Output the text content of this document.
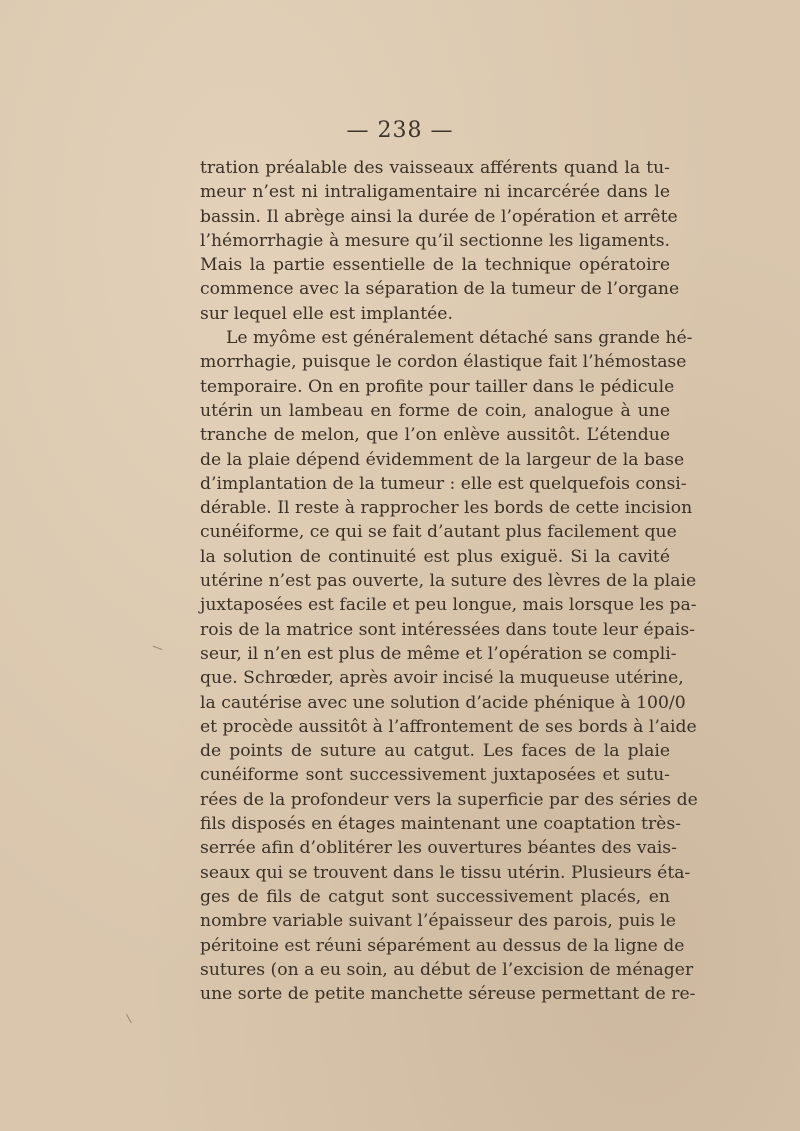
— 238 —
tration préalable des vaisseaux afférents quand la tu-
meur n’est ni intraligamentaire ni incarcérée dans le
bassin. Il abrège ainsi la durée de l’opération et arrête
l’hémorrhagie à mesure qu’il sectionne les ligaments.
Mais la partie essentielle de la technique opératoire
commence avec la séparation de la tumeur de l’organe
sur lequel elle est implantée.
Le myôme est généralement détaché sans grande hé-
morrhagie, puisque le cordon élastique fait l’hémostase
temporaire. On en profite pour tailler dans le pédicule
utérin un lambeau en forme de coin, analogue à une
tranche de melon, que l’on enlève aussitôt. L’étendue
de la plaie dépend évidemment de la largeur de la base
d’implantation de la tumeur : elle est quelquefois consi-
dérable. Il reste à rapprocher les bords de cette incision
cunéiforme, ce qui se fait d’autant plus facilement que
la solution de continuité est plus exiguë. Si la cavité
utérine n’est pas ouverte, la suture des lèvres de la plaie
juxtaposées est facile et peu longue, mais lorsque les pa-
rois de la matrice sont intéressées dans toute leur épais-
seur, il n’en est plus de même et l’opération se compli-
que. Schrœder, après avoir incisé la muqueuse utérine,
la cautérise avec une solution d’acide phénique à 100/0
et procède aussitôt à l’affrontement de ses bords à l’aide
de points de suture au catgut. Les faces de la plaie
cunéiforme sont successivement juxtaposées et sutu-
rées de la profondeur vers la superficie par des séries de
fils disposés en étages maintenant une coaptation très-
serrée afin d’oblitérer les ouvertures béantes des vais-
seaux qui se trouvent dans le tissu utérin. Plusieurs éta-
ges de fils de catgut sont successivement placés, en
nombre variable suivant l’épaisseur des parois, puis le
péritoine est réuni séparément au dessus de la ligne de
sutures (on a eu soin, au début de l’excision de ménager
une sorte de petite manchette séreuse permettant de re-
